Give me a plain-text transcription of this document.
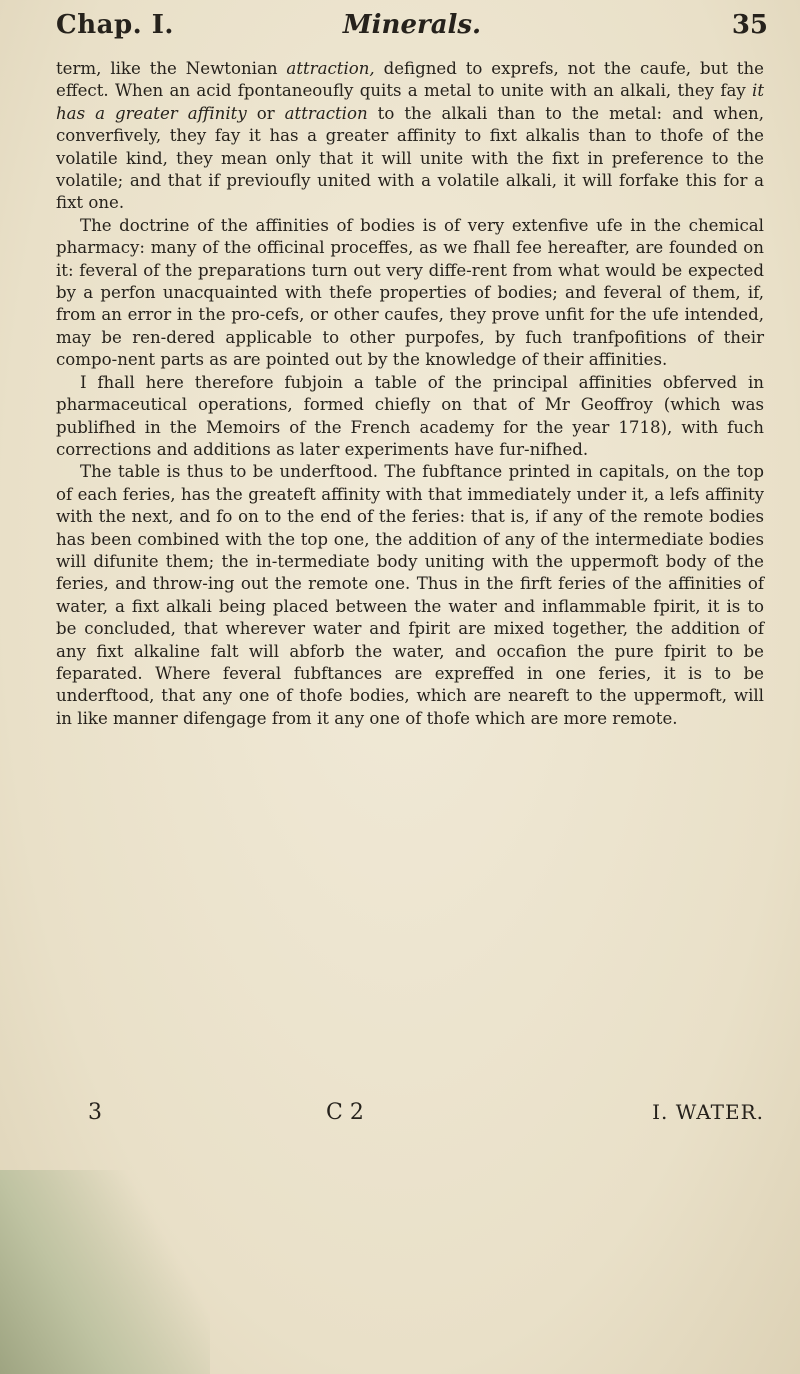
Chap. I.	Minerals.	35

term, like the Newtonian attraction, defigned to exprefs, not the caufe, but the effect. When an acid fpontaneoufly quits a metal to unite with an alkali, they fay it has a greater affinity or attraction to the alkali than to the metal: and when, converfively, they fay it has a greater affinity to fixt alkalis than to thofe of the volatile kind, they mean only that it will unite with the fixt in preference to the volatile; and that if previoufly united with a volatile alkali, it will forfake this for a fixt one.

The doctrine of the affinities of bodies is of very extenfive ufe in the chemical pharmacy: many of the officinal proceffes, as we fhall fee hereafter, are founded on it: feveral of the preparations turn out very diffe-rent from what would be expected by a perfon unacquainted with thefe properties of bodies; and feveral of them, if, from an error in the pro-cefs, or other caufes, they prove unfit for the ufe intended, may be ren-dered applicable to other purpofes, by fuch tranfpofitions of their compo-nent parts as are pointed out by the knowledge of their affinities.

I fhall here therefore fubjoin a table of the principal affinities obferved in pharmaceutical operations, formed chiefly on that of Mr Geoffroy (which was publifhed in the Memoirs of the French academy for the year 1718), with fuch corrections and additions as later experiments have fur-nifhed.

The table is thus to be underftood. The fubftance printed in capitals, on the top of each feries, has the greateft affinity with that immediately under it, a lefs affinity with the next, and fo on to the end of the feries: that is, if any of the remote bodies has been combined with the top one, the addition of any of the intermediate bodies will difunite them; the in-termediate body uniting with the uppermoft body of the feries, and throw-ing out the remote one. Thus in the firft feries of the affinities of water, a fixt alkali being placed between the water and inflammable fpirit, it is to be concluded, that wherever water and fpirit are mixed together, the addition of any fixt alkaline falt will abforb the water, and occafion the pure fpirit to be feparated. Where feveral fubftances are expreffed in one feries, it is to be underftood, that any one of thofe bodies, which are neareft to the uppermoft, will in like manner difengage from it any one of thofe which are more remote.

3	C 2	I. WATER.
